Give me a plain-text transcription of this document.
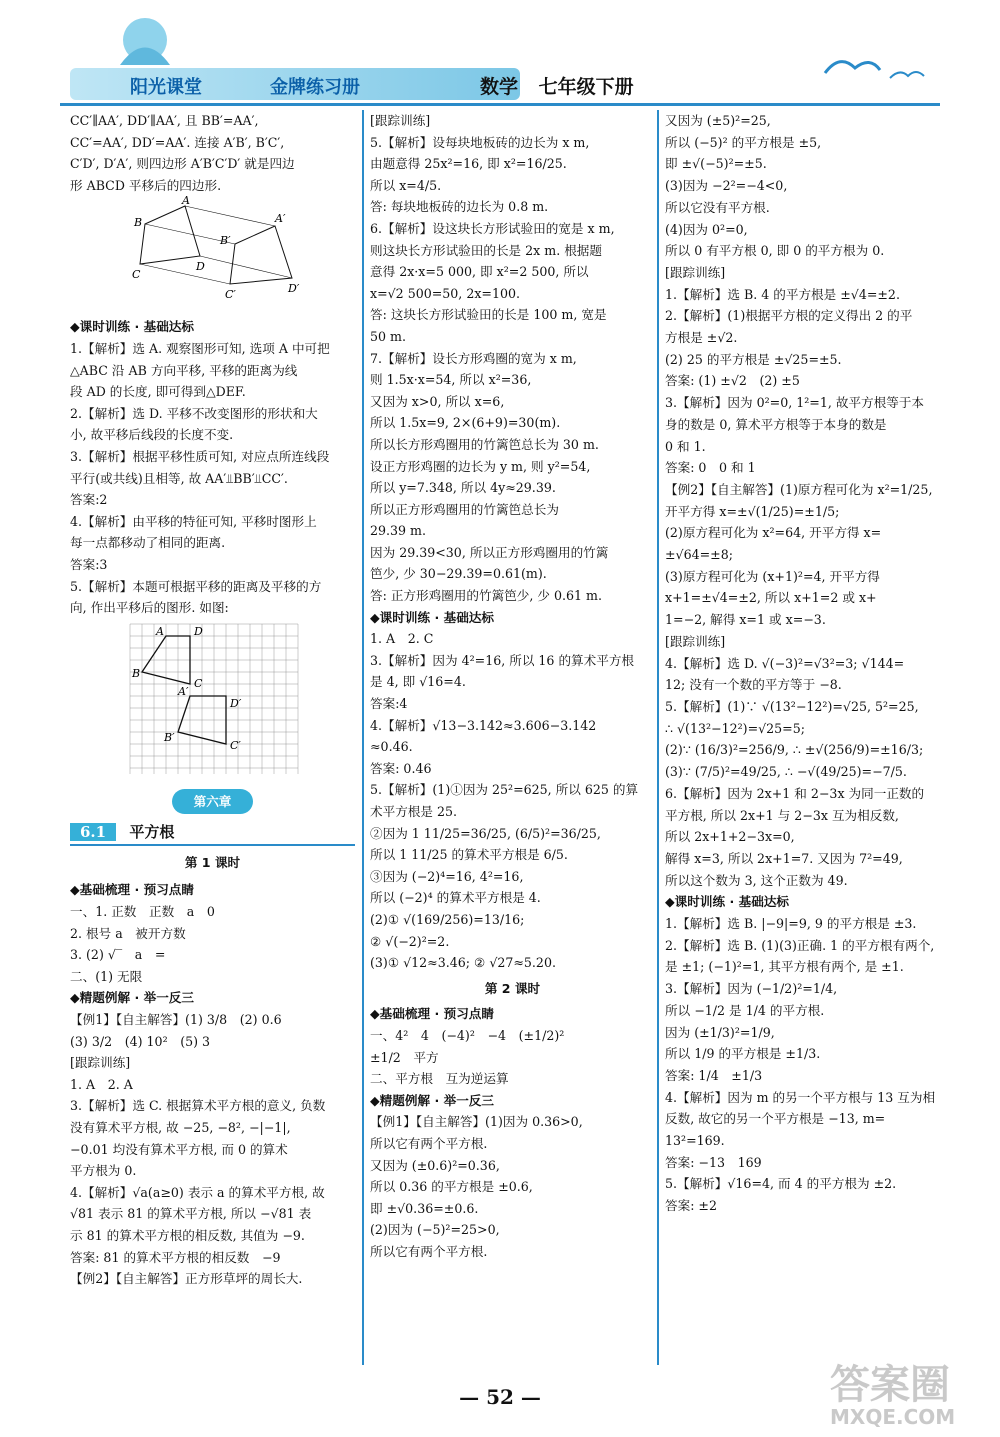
阳光课堂	金牌练习册	数学 七年级下册
CC′∥AA′, DD′∥AA′, 且 BB′=AA′,
CC′=AA′, DD′=AA′. 连接 A′B′, B′C′,
C′D′, D′A′, 则四边形 A′B′C′D′ 就是四边
形 ABCD 平移后的四边形.
A
B
C
D
A′
B′
C′	D′
◆课时训练 · 基础达标
1.【解析】选 A. 观察图形可知, 选项 A 中可把
△ABC 沿 AB 方向平移, 平移的距离为线
段 AD 的长度, 即可得到△DEF.
2.【解析】选 D. 平移不改变图形的形状和大
小, 故平移后线段的长度不变.
3.【解析】根据平移性质可知, 对应点所连线段
平行(或共线)且相等, 故 AA′⫫BB′⫫CC′.
答案:2
4.【解析】由平移的特征可知, 平移时图形上
每一点都移动了相同的距离.
答案:3
5.【解析】本题可根据平移的距离及平移的方
向, 作出平移后的图形. 如图:
A	D
B
C
A′
D′
B′
C′
第六章
6.1 平方根
第 1 课时
◆基础梳理 · 预习点睛
一、1. 正数　正数　a　0
2. 根号 a　被开方数
3. (2) √‾　a　=
二、(1) 无限
◆精题例解 · 举一反三
【例1】【自主解答】(1) 3/8　(2) 0.6
(3) 3/2　(4) 10²　(5) 3
[跟踪训练]
1. A　2. A
3.【解析】选 C. 根据算术平方根的意义, 负数
没有算术平方根, 故 −25, −8², −|−1|,
−0.01 均没有算术平方根, 而 0 的算术
平方根为 0.
4.【解析】√a(a≥0) 表示 a 的算术平方根, 故
√81 表示 81 的算术平方根, 所以 −√81 表
示 81 的算术平方根的相反数, 其值为 −9.
答案: 81 的算术平方根的相反数　−9
【例2】【自主解答】正方形草坪的周长大.
[跟踪训练]
5.【解析】设每块地板砖的边长为 x m,
由题意得 25x²=16, 即 x²=16/25.
所以 x=4/5.
答: 每块地板砖的边长为 0.8 m.
6.【解析】设这块长方形试验田的宽是 x m,
则这块长方形试验田的长是 2x m. 根据题
意得 2x·x=5 000, 即 x²=2 500, 所以
x=√2 500=50, 2x=100.
答: 这块长方形试验田的长是 100 m, 宽是
50 m.
7.【解析】设长方形鸡圈的宽为 x m,
则 1.5x·x=54, 所以 x²=36,
又因为 x>0, 所以 x=6,
所以 1.5x=9, 2×(6+9)=30(m).
所以长方形鸡圈用的竹篱笆总长为 30 m.
设正方形鸡圈的边长为 y m, 则 y²=54,
所以 y=7.348, 所以 4y≈29.39.
所以正方形鸡圈用的竹篱笆总长为
29.39 m.
因为 29.39<30, 所以正方形鸡圈用的竹篱
笆少, 少 30−29.39=0.61(m).
答: 正方形鸡圈用的竹篱笆少, 少 0.61 m.
◆课时训练 · 基础达标
1. A　2. C
3.【解析】因为 4²=16, 所以 16 的算术平方根
是 4, 即 √16=4.
答案:4
4.【解析】√13−3.142≈3.606−3.142
≈0.46.
答案: 0.46
5.【解析】(1)①因为 25²=625, 所以 625 的算
术平方根是 25.
②因为 1 11/25=36/25, (6/5)²=36/25,
所以 1 11/25 的算术平方根是 6/5.
③因为 (−2)⁴=16, 4²=16,
所以 (−2)⁴ 的算术平方根是 4.
(2)① √(169/256)=13/16;
② √(−2)²=2.
(3)① √12≈3.46; ② √27≈5.20.
第 2 课时
◆基础梳理 · 预习点睛
一、4²　4　(−4)²　−4　(±1/2)²
±1/2　平方
二、平方根　互为逆运算
◆精题例解 · 举一反三
【例1】【自主解答】(1)因为 0.36>0,
所以它有两个平方根.
又因为 (±0.6)²=0.36,
所以 0.36 的平方根是 ±0.6,
即 ±√0.36=±0.6.
(2)因为 (−5)²=25>0,
所以它有两个平方根.
又因为 (±5)²=25,
所以 (−5)² 的平方根是 ±5,
即 ±√(−5)²=±5.
(3)因为 −2²=−4<0,
所以它没有平方根.
(4)因为 0²=0,
所以 0 有平方根 0, 即 0 的平方根为 0.
[跟踪训练]
1.【解析】选 B. 4 的平方根是 ±√4=±2.
2.【解析】(1)根据平方根的定义得出 2 的平
方根是 ±√2.
(2) 25 的平方根是 ±√25=±5.
答案: (1) ±√2　(2) ±5
3.【解析】因为 0²=0, 1²=1, 故平方根等于本
身的数是 0, 算术平方根等于本身的数是
0 和 1.
答案: 0　0 和 1
【例2】【自主解答】(1)原方程可化为 x²=1/25,
开平方得 x=±√(1/25)=±1/5;
(2)原方程可化为 x²=64, 开平方得 x=
±√64=±8;
(3)原方程可化为 (x+1)²=4, 开平方得
x+1=±√4=±2, 所以 x+1=2 或 x+
1=−2, 解得 x=1 或 x=−3.
[跟踪训练]
4.【解析】选 D. √(−3)²=√3²=3; √144=
12; 没有一个数的平方等于 −8.
5.【解析】(1)∵ √(13²−12²)=√25, 5²=25,
∴ √(13²−12²)=√25=5;
(2)∵ (16/3)²=256/9, ∴ ±√(256/9)=±16/3;
(3)∵ (7/5)²=49/25, ∴ −√(49/25)=−7/5.
6.【解析】因为 2x+1 和 2−3x 为同一正数的
平方根, 所以 2x+1 与 2−3x 互为相反数,
所以 2x+1+2−3x=0,
解得 x=3, 所以 2x+1=7. 又因为 7²=49,
所以这个数为 3, 这个正数为 49.
◆课时训练 · 基础达标
1.【解析】选 B. |−9|=9, 9 的平方根是 ±3.
2.【解析】选 B. (1)(3)正确. 1 的平方根有两个,
是 ±1; (−1)²=1, 其平方根有两个, 是 ±1.
3.【解析】因为 (−1/2)²=1/4,
所以 −1/2 是 1/4 的平方根.
因为 (±1/3)²=1/9,
所以 1/9 的平方根是 ±1/3.
答案: 1/4　±1/3
4.【解析】因为 m 的另一个平方根与 13 互为相
反数, 故它的另一个平方根是 −13, m=
13²=169.
答案: −13　169
5.【解析】√16=4, 而 4 的平方根为 ±2.
答案: ±2
— 52 —	答案圈
MXQE.COM
